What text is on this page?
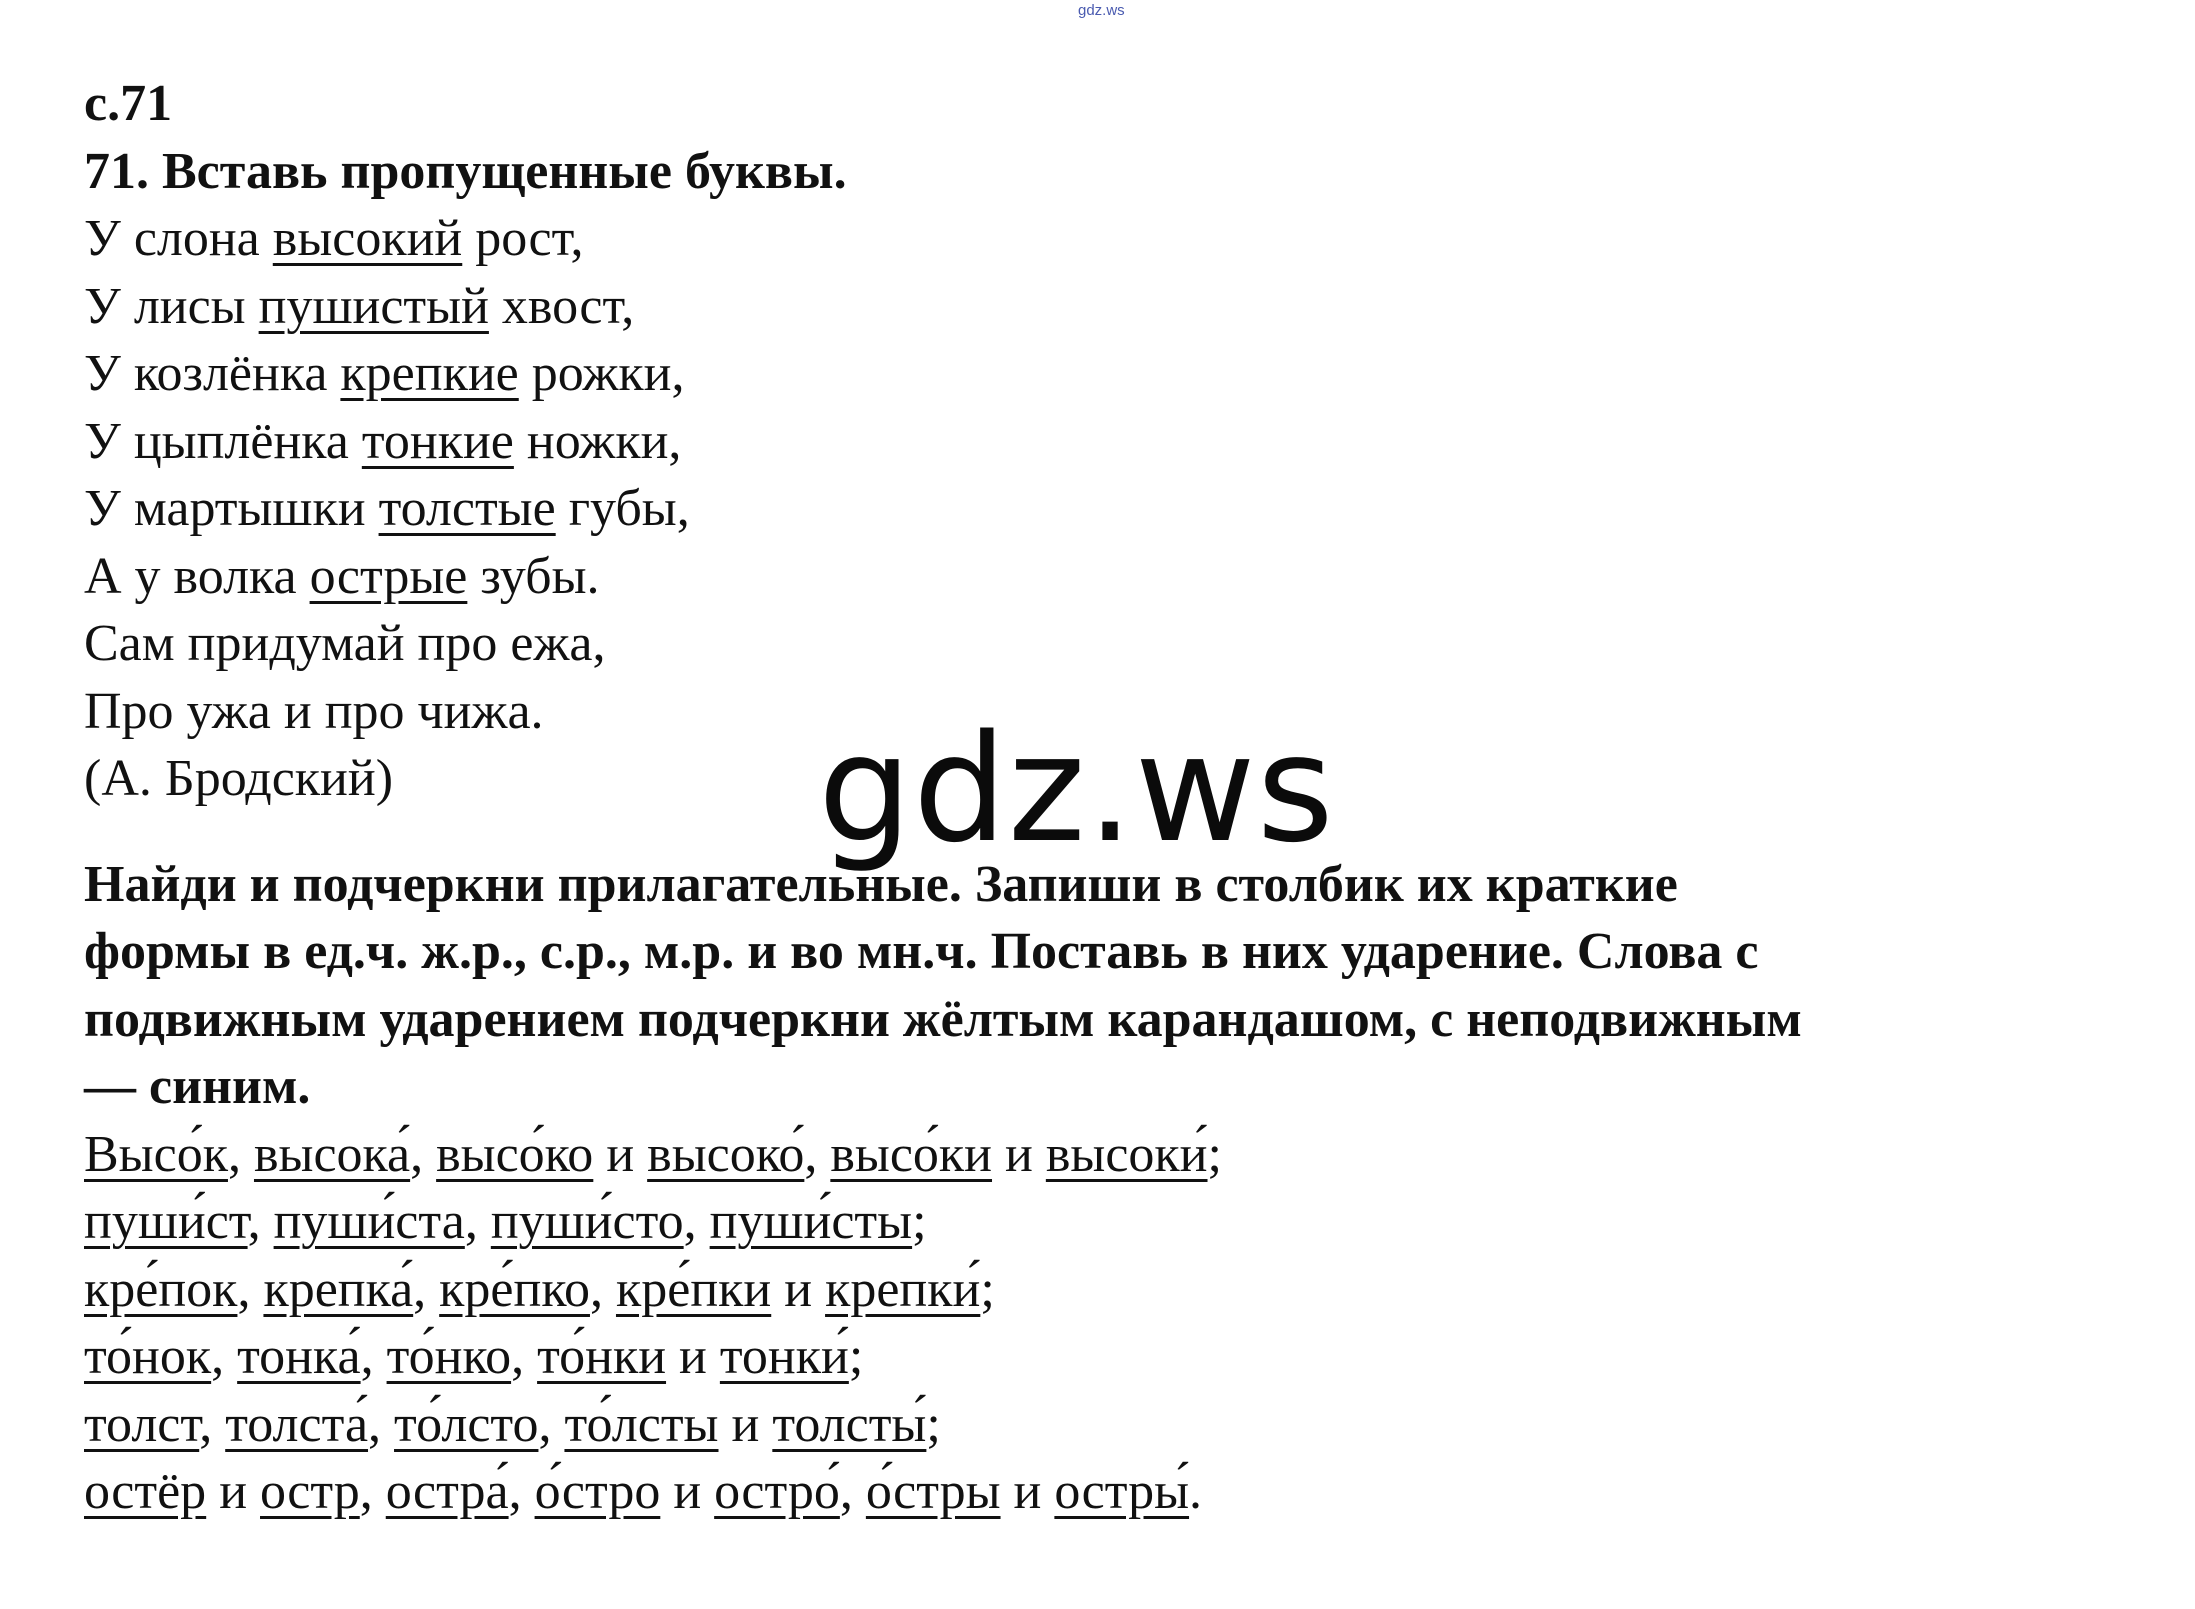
gdz.ws
с.71
71. Вставь пропущенные буквы.
У слона высокий рост,
У лисы пушистый хвост,
У козлёнка крепкие рожки,
У цыплёнка тонкие ножки,
У мартышки толстые губы,
А у волка острые зубы.
Сам придумай про ежа,
Про ужа и про чижа.
(А. Бродский)
Найди и подчеркни прилагательные. Запиши в столбик их краткие
формы в ед.ч. ж.р., с.р., м.р. и во мн.ч. Поставь в них ударение. Слова с
подвижным ударением подчеркни жёлтым карандашом, с неподвижным
— синим.
Высо́к, высока́, высо́ко и высоко́, высо́ки и высоки́;
пуши́ст, пуши́ста, пуши́сто, пуши́сты;
кре́пок, крепка́, кре́пко, кре́пки и крепки́;
то́нок, тонка́, то́нко, то́нки и тонки́;
толст, толста́, то́лсто, то́лсты и толсты́;
остёр и остр, остра́, о́стро и остро́, о́стры и остры́.
gdz.ws
